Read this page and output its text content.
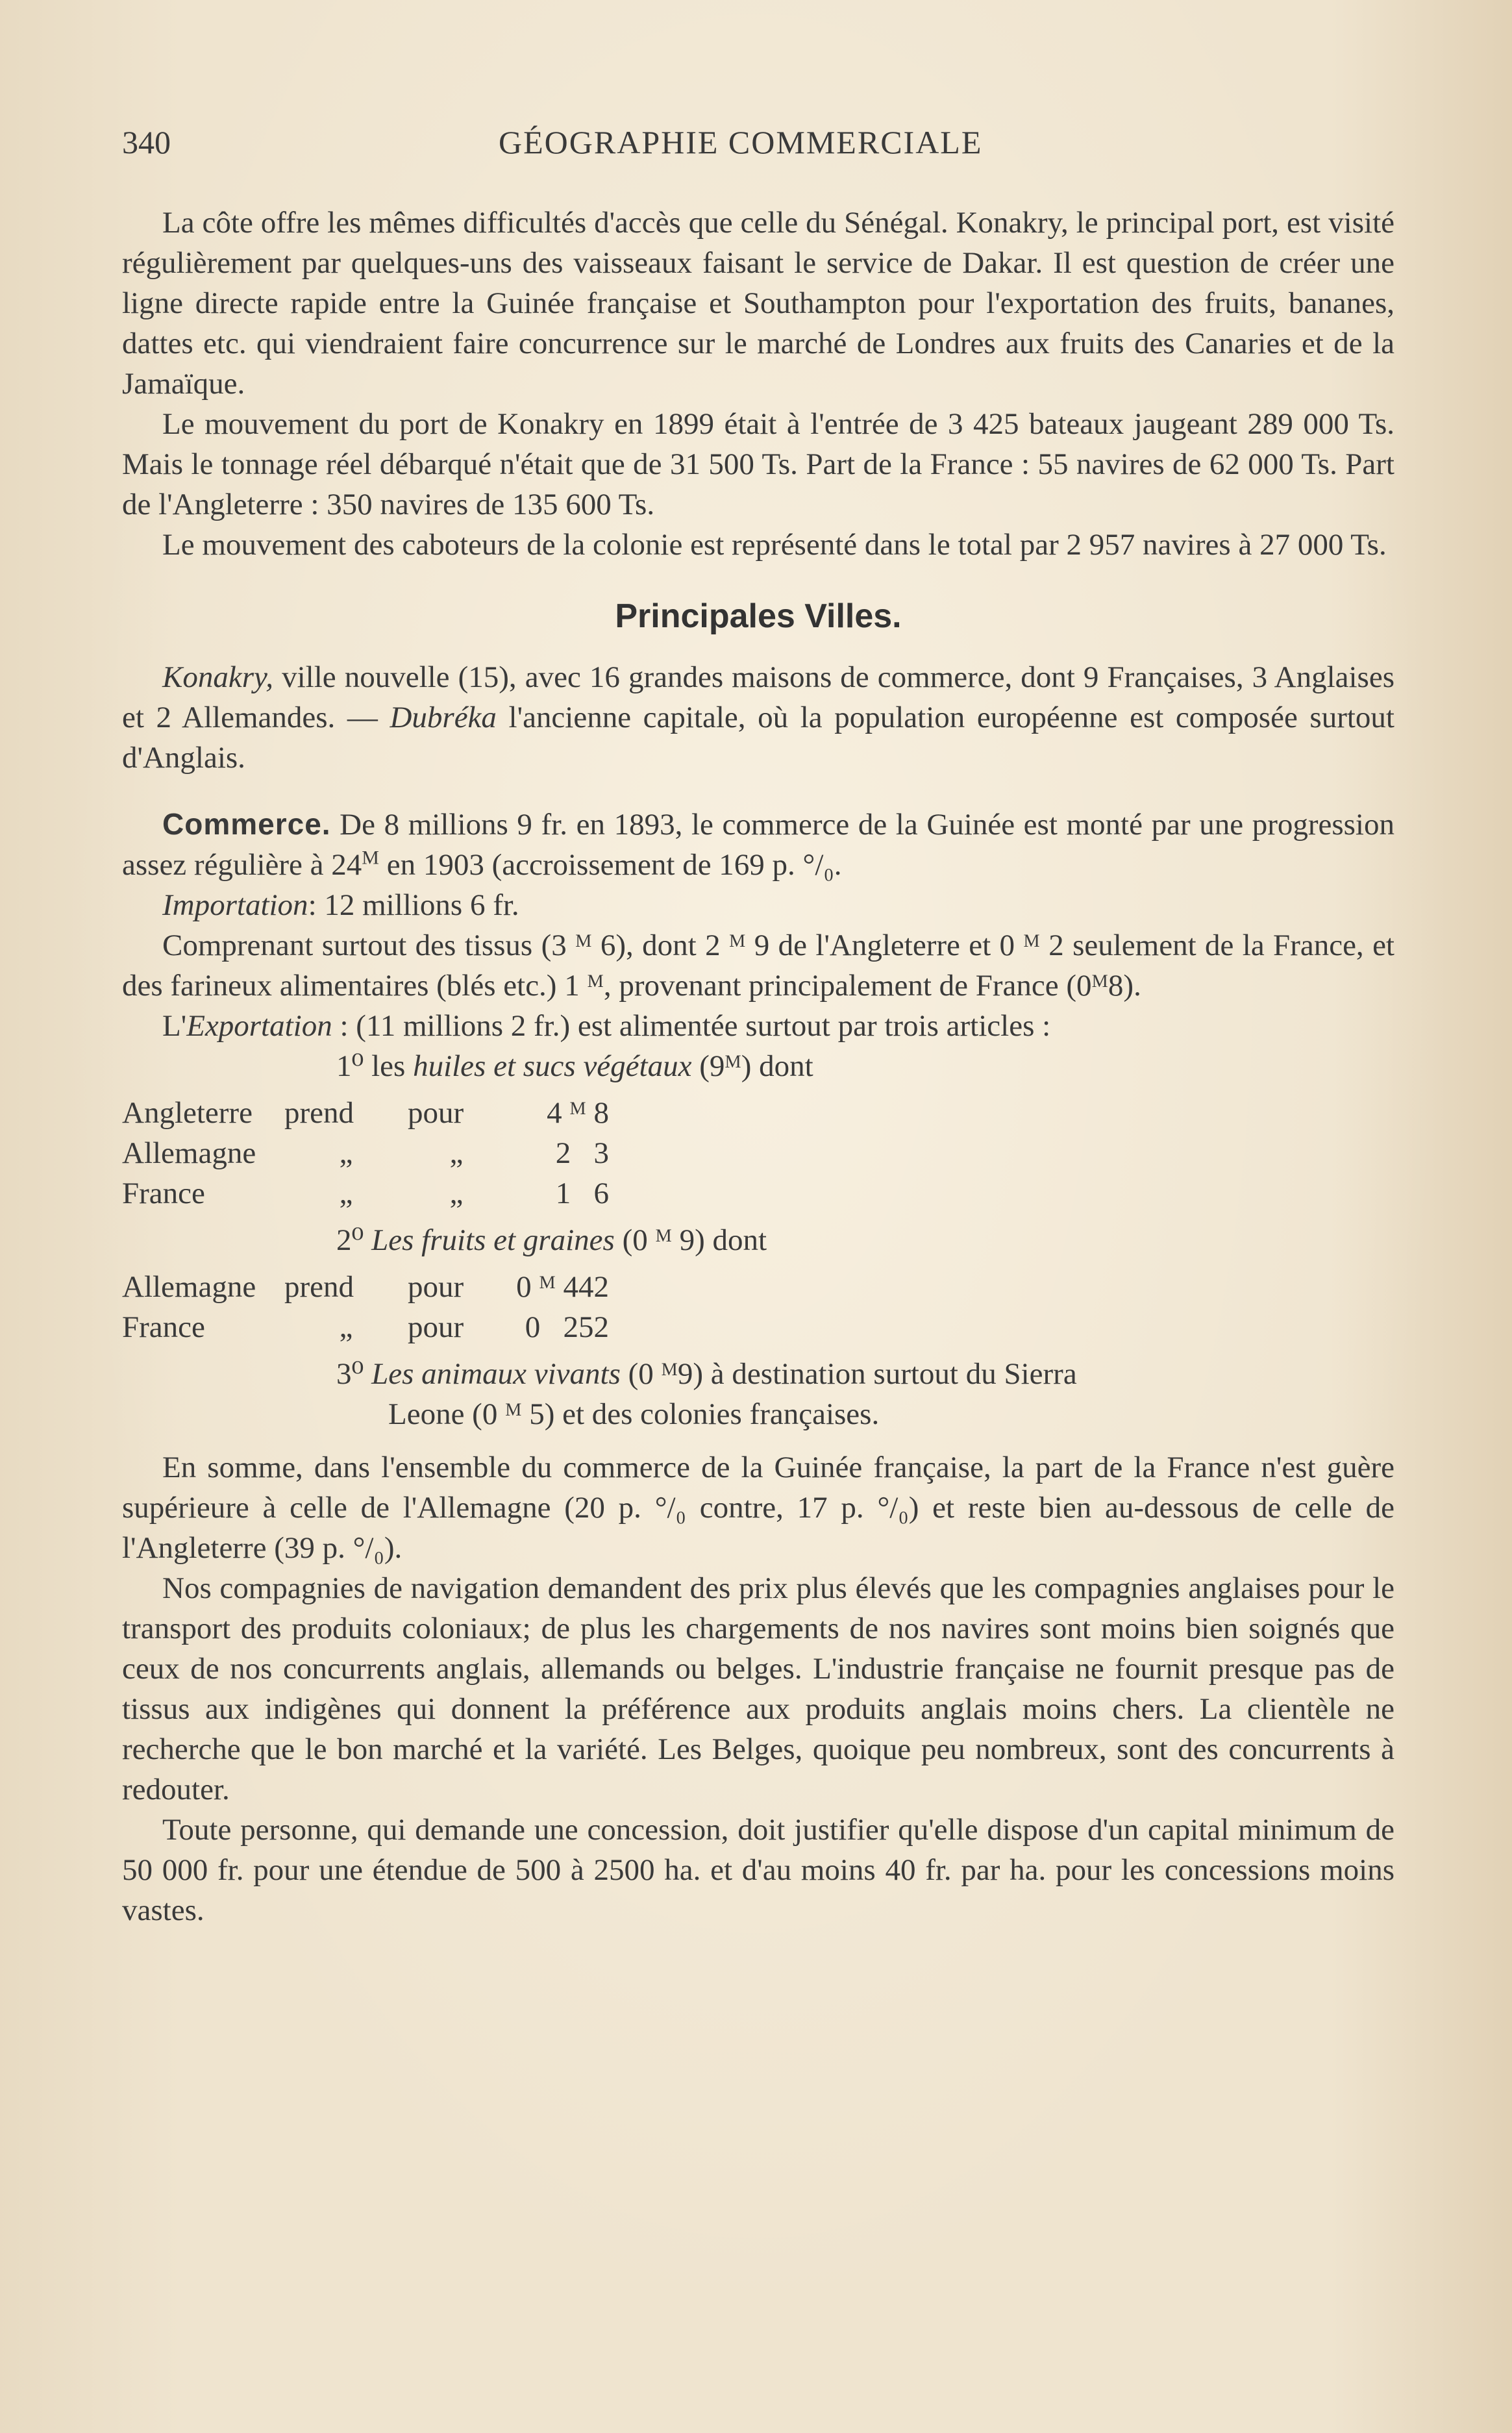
340	GÉOGRAPHIE COMMERCIALE

La côte offre les mêmes difficultés d'accès que celle du Sénégal. Konakry, le principal port, est visité régulièrement par quelques-uns des vaisseaux faisant le service de Dakar. Il est question de créer une ligne directe rapide entre la Guinée française et Southampton pour l'exportation des fruits, bananes, dattes etc. qui viendraient faire concurrence sur le marché de Londres aux fruits des Canaries et de la Jamaïque.

Le mouvement du port de Konakry en 1899 était à l'entrée de 3 425 bateaux jaugeant 289 000 Ts. Mais le tonnage réel débarqué n'était que de 31 500 Ts. Part de la France : 55 navires de 62 000 Ts. Part de l'Angleterre : 350 navires de 135 600 Ts.

Le mouvement des caboteurs de la colonie est représenté dans le total par 2 957 navires à 27 000 Ts.

Principales Villes.

Konakry, ville nouvelle (15), avec 16 grandes maisons de commerce, dont 9 Françaises, 3 Anglaises et 2 Allemandes. — Dubréka l'ancienne capitale, où la population européenne est composée surtout d'Anglais.

Commerce. De 8 millions 9 fr. en 1893, le commerce de la Guinée est monté par une progression assez régulière à $24^M$ en 1903 (accroissement de 169 p. °/₀.

Importation: 12 millions 6 fr.

Comprenant surtout des tissus (3 ᴹ 6), dont 2 ᴹ 9 de l'Angleterre et 0 ᴹ 2 seulement de la France, et des farineux alimentaires (blés etc.) 1 ᴹ, provenant principalement de France (0ᴹ8).

L'Exportation : (11 millions 2 fr.) est alimentée surtout par trois articles :

1⁰ les huiles et sucs végétaux (9ᴹ) dont
Angleterre	prend	pour	4 ᴹ 8
Allemagne	„	„	2   3
France	„	„	1   6
2⁰ Les fruits et graines (0 ᴹ 9) dont
Allemagne	prend	pour	0 ᴹ 442
France	„	pour	0   252
3⁰ Les animaux vivants (0 ᴹ9) à destination surtout du Sierra
Leone (0 ᴹ 5) et des colonies françaises.

En somme, dans l'ensemble du commerce de la Guinée française, la part de la France n'est guère supérieure à celle de l'Allemagne (20 p. °/₀ contre, 17 p. °/₀) et reste bien au-dessous de celle de l'Angleterre (39 p. °/₀).

Nos compagnies de navigation demandent des prix plus élevés que les compagnies anglaises pour le transport des produits coloniaux; de plus les chargements de nos navires sont moins bien soignés que ceux de nos concurrents anglais, allemands ou belges. L'industrie française ne fournit presque pas de tissus aux indigènes qui donnent la préférence aux produits anglais moins chers. La clientèle ne recherche que le bon marché et la variété. Les Belges, quoique peu nombreux, sont des concurrents à redouter.

Toute personne, qui demande une concession, doit justifier qu'elle dispose d'un capital minimum de 50 000 fr. pour une étendue de 500 à 2500 ha. et d'au moins 40 fr. par ha. pour les concessions moins vastes.
